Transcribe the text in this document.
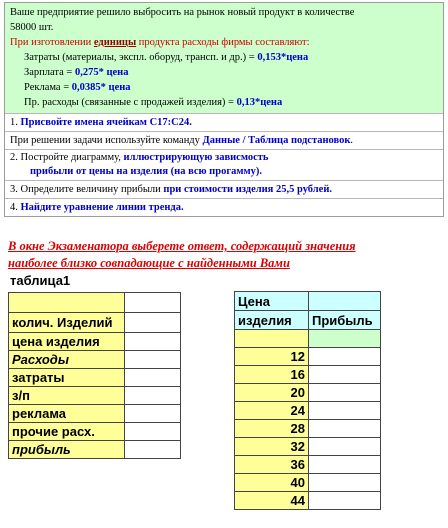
Ваше предприятие решило выбросить на рынок новый продукт в количестве
58000 шт.
При изготовлении единицы продукта расходы фирмы составляют:
Затраты (материалы, экспл. оборуд, трансп. и др.) = 0,153*цена
Зарплата = 0,275* цена
Реклама = 0,0385* цена
Пр. расходы (связанные с продажей изделия) = 0,13*цена
1. Присвойте имена ячейкам C17:C24.
При решении задачи используйте команду Данные / Таблица подстановок.
2. Постройте диаграмму, иллюстрирующую зависмость
прибыли от цены на изделия (на всю прогамму).
3. Определите величину прибыли при стоимости изделия 25,5 рублей.
4. Найдите уравнение линии тренда.
В окне Экзаменатора выберете ответ, содержащий значения
наиболее близко совпадающие с найденными Вами
таблица1

колич. Изделий	
цена изделия	
Расходы	
затраты	
з/п	
реклама	
прочие расх.	
прибыль	
Цена	
изделия	Прибыль

12	
16	
20	
24	
28	
32	
36	
40	
44	
